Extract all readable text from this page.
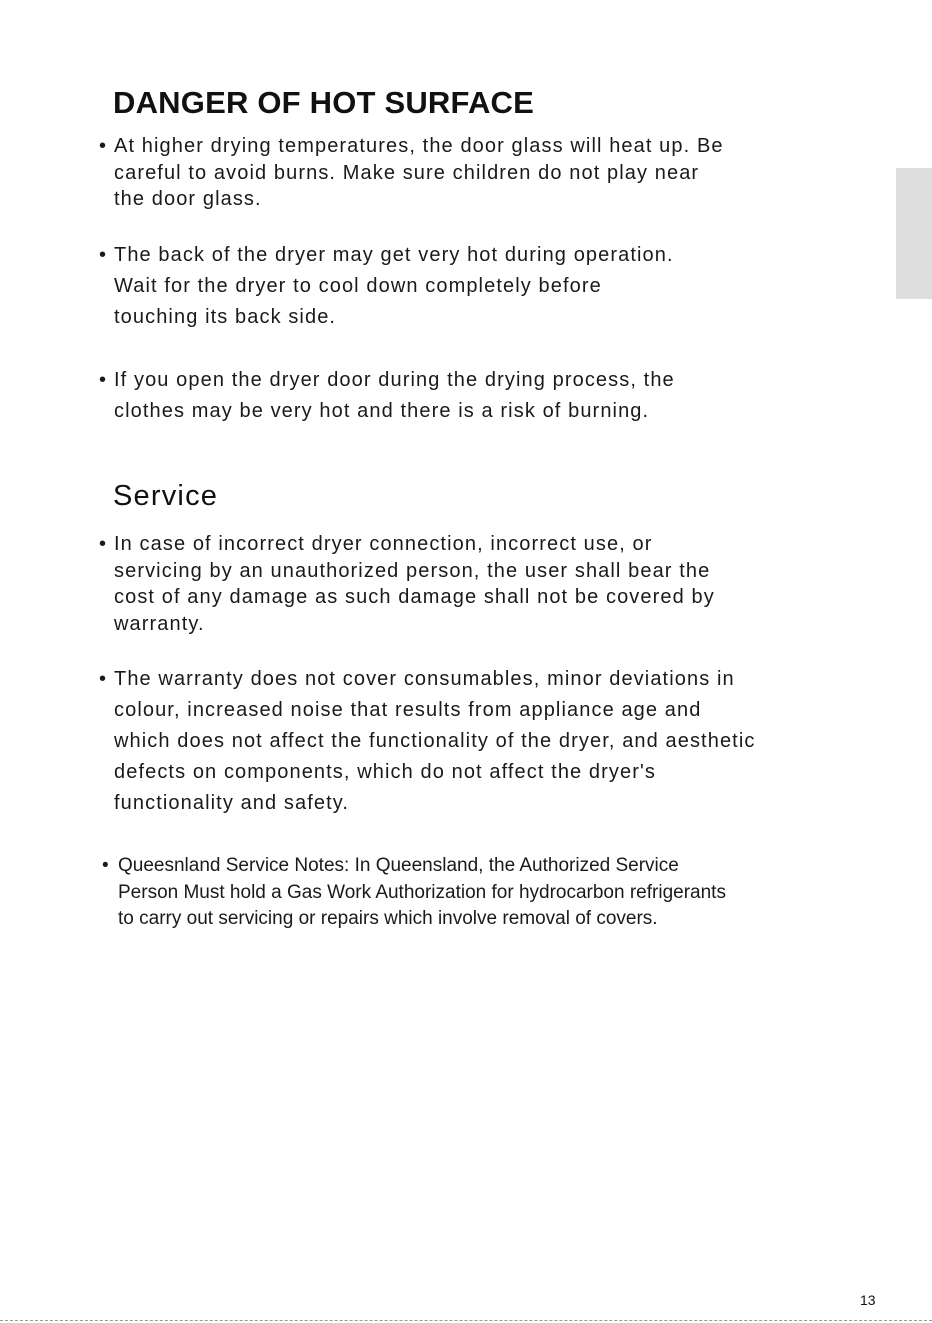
DANGER OF HOT SURFACE

• At higher drying temperatures, the door glass will heat up. Be
careful to avoid burns. Make sure children do not play near
the door glass.

• The back of the dryer may get very hot during operation.
Wait for the dryer to cool down completely before
touching its back side.

• If you open the dryer door during the drying process, the
clothes may be very hot and there is a risk of burning.

Service

• In case of incorrect dryer connection, incorrect use, or
servicing by an unauthorized person, the user shall bear the
cost of any damage as such damage shall not be covered by
warranty.

• The warranty does not cover consumables, minor deviations in
colour, increased noise that results from appliance age and
which does not affect the functionality of the dryer, and aesthetic
defects on components, which do not affect the dryer's
functionality and safety.

• Queesnland Service Notes: In Queensland, the Authorized Service
Person Must hold a Gas Work Authorization for hydrocarbon refrigerants
to carry out servicing or repairs which involve removal of covers.

13
